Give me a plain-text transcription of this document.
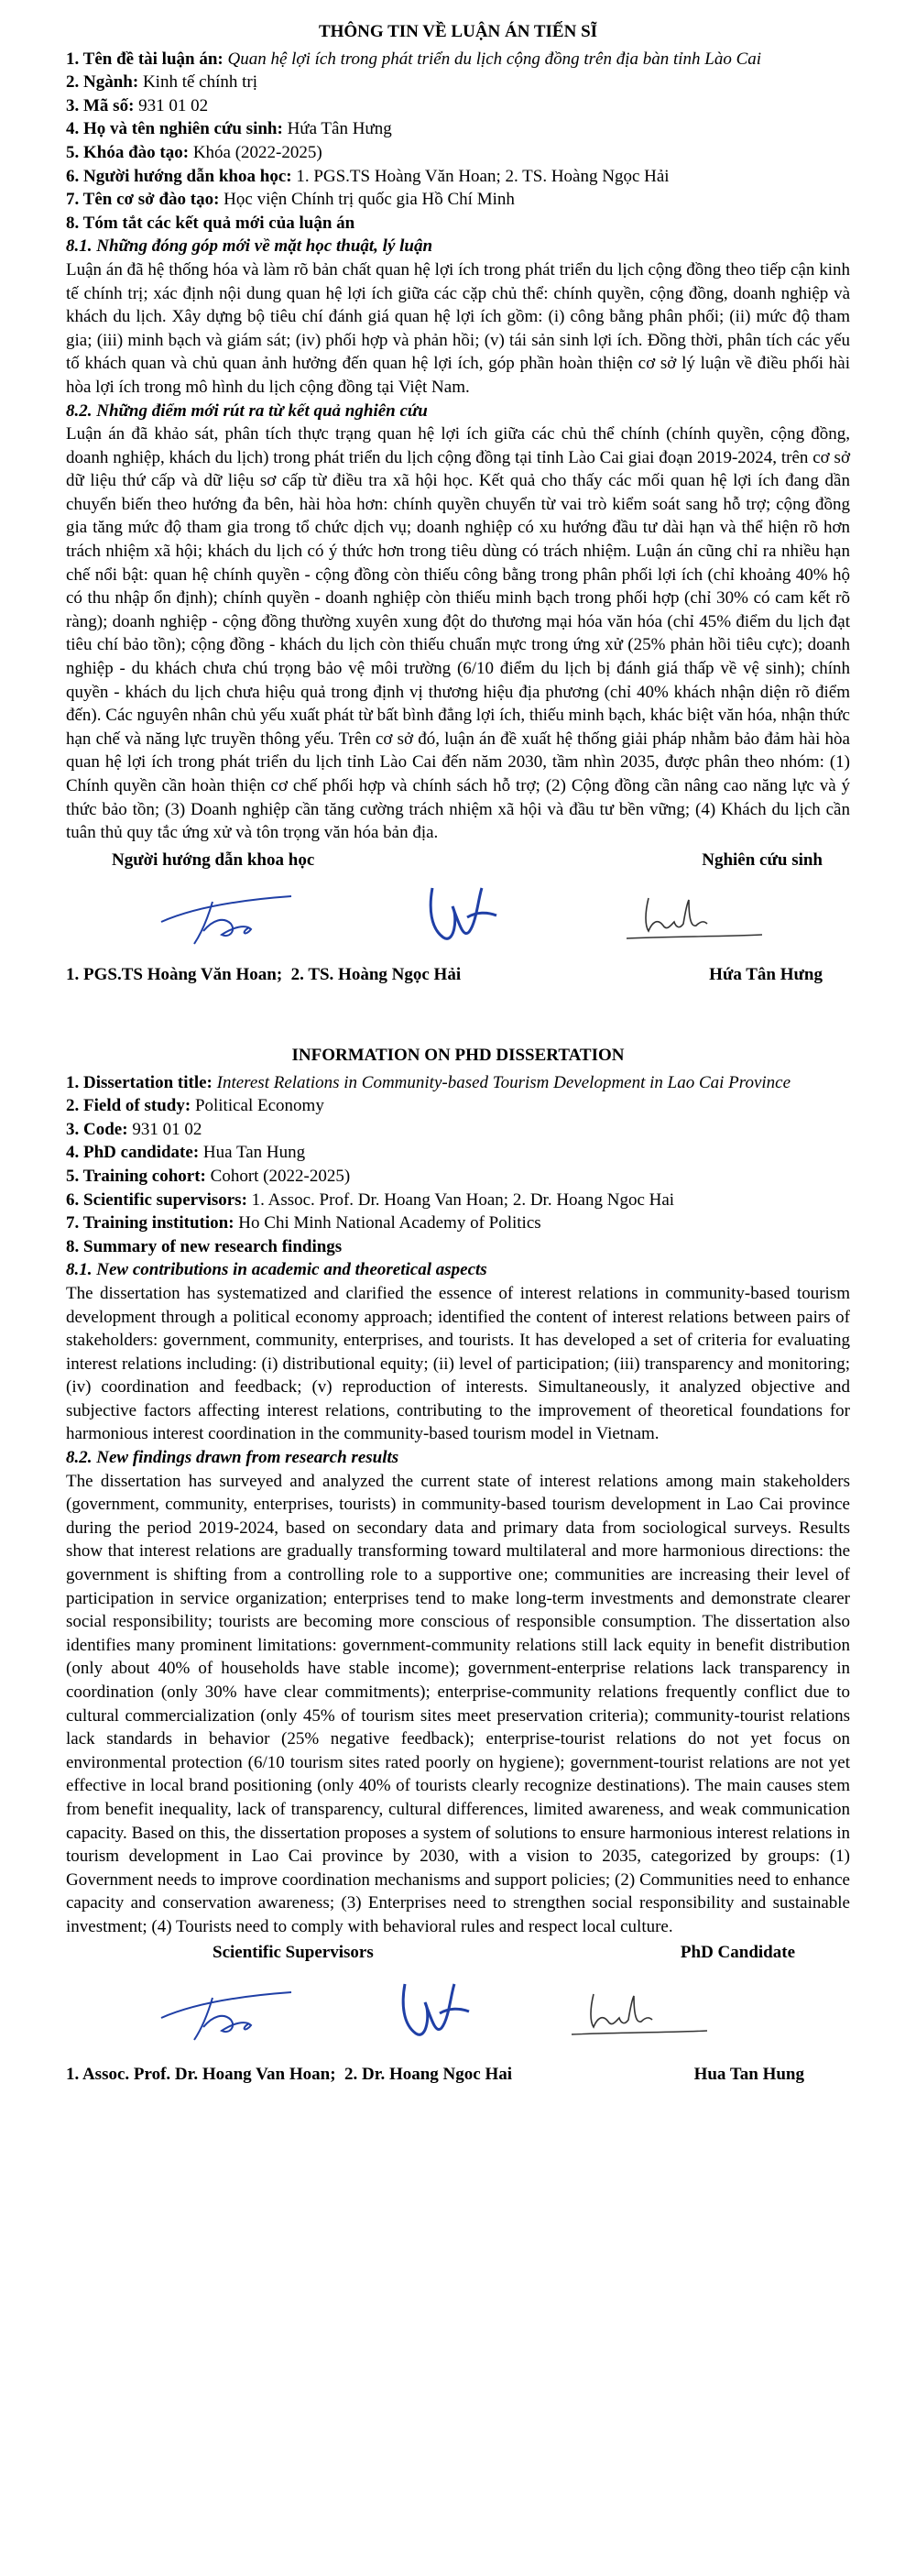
THÔNG TIN VỀ LUẬN ÁN TIẾN SĨ
1. Tên đề tài luận án: Quan hệ lợi ích trong phát triển du lịch cộng đồng trên địa bàn tỉnh Lào Cai
2. Ngành: Kinh tế chính trị
3. Mã số: 931 01 02
4. Họ và tên nghiên cứu sinh: Hứa Tân Hưng
5. Khóa đào tạo: Khóa (2022-2025)
6. Người hướng dẫn khoa học: 1. PGS.TS Hoàng Văn Hoan; 2. TS. Hoàng Ngọc Hải
7. Tên cơ sở đào tạo: Học viện Chính trị quốc gia Hồ Chí Minh
8. Tóm tắt các kết quả mới của luận án
8.1. Những đóng góp mới về mặt học thuật, lý luận
Luận án đã hệ thống hóa và làm rõ bản chất quan hệ lợi ích trong phát triển du lịch cộng đồng theo tiếp cận kinh tế chính trị; xác định nội dung quan hệ lợi ích giữa các cặp chủ thể: chính quyền, cộng đồng, doanh nghiệp và khách du lịch. Xây dựng bộ tiêu chí đánh giá quan hệ lợi ích gồm: (i) công bằng phân phối; (ii) mức độ tham gia; (iii) minh bạch và giám sát; (iv) phối hợp và phản hồi; (v) tái sản sinh lợi ích. Đồng thời, phân tích các yếu tố khách quan và chủ quan ảnh hưởng đến quan hệ lợi ích, góp phần hoàn thiện cơ sở lý luận về điều phối hài hòa lợi ích trong mô hình du lịch cộng đồng tại Việt Nam.
8.2. Những điểm mới rút ra từ kết quả nghiên cứu
Luận án đã khảo sát, phân tích thực trạng quan hệ lợi ích giữa các chủ thể chính (chính quyền, cộng đồng, doanh nghiệp, khách du lịch) trong phát triển du lịch cộng đồng tại tỉnh Lào Cai giai đoạn 2019-2024, trên cơ sở dữ liệu thứ cấp và dữ liệu sơ cấp từ điều tra xã hội học. Kết quả cho thấy các mối quan hệ lợi ích đang dần chuyển biến theo hướng đa bên, hài hòa hơn: chính quyền chuyển từ vai trò kiểm soát sang hỗ trợ; cộng đồng gia tăng mức độ tham gia trong tổ chức dịch vụ; doanh nghiệp có xu hướng đầu tư dài hạn và thể hiện rõ hơn trách nhiệm xã hội; khách du lịch có ý thức hơn trong tiêu dùng có trách nhiệm. Luận án cũng chỉ ra nhiều hạn chế nổi bật: quan hệ chính quyền - cộng đồng còn thiếu công bằng trong phân phối lợi ích (chỉ khoảng 40% hộ có thu nhập ổn định); chính quyền - doanh nghiệp còn thiếu minh bạch trong phối hợp (chỉ 30% có cam kết rõ ràng); doanh nghiệp - cộng đồng thường xuyên xung đột do thương mại hóa văn hóa (chỉ 45% điểm du lịch đạt tiêu chí bảo tồn); cộng đồng - khách du lịch còn thiếu chuẩn mực trong ứng xử (25% phản hồi tiêu cực); doanh nghiệp - du khách chưa chú trọng bảo vệ môi trường (6/10 điểm du lịch bị đánh giá thấp về vệ sinh); chính quyền - khách du lịch chưa hiệu quả trong định vị thương hiệu địa phương (chỉ 40% khách nhận diện rõ điểm đến). Các nguyên nhân chủ yếu xuất phát từ bất bình đẳng lợi ích, thiếu minh bạch, khác biệt văn hóa, nhận thức hạn chế và năng lực truyền thông yếu. Trên cơ sở đó, luận án đề xuất hệ thống giải pháp nhằm bảo đảm hài hòa quan hệ lợi ích trong phát triển du lịch tỉnh Lào Cai đến năm 2030, tầm nhìn 2035, được phân theo nhóm: (1) Chính quyền cần hoàn thiện cơ chế phối hợp và chính sách hỗ trợ; (2) Cộng đồng cần nâng cao năng lực và ý thức bảo tồn; (3) Doanh nghiệp cần tăng cường trách nhiệm xã hội và đầu tư bền vững; (4) Khách du lịch cần tuân thủ quy tắc ứng xử và tôn trọng văn hóa bản địa.
Người hướng dẫn khoa học	Nghiên cứu sinh
1. PGS.TS Hoàng Văn Hoan; 2. TS. Hoàng Ngọc Hải	Hứa Tân Hưng
INFORMATION ON PHD DISSERTATION
1. Dissertation title: Interest Relations in Community-based Tourism Development in Lao Cai Province
2. Field of study: Political Economy
3. Code: 931 01 02
4. PhD candidate: Hua Tan Hung
5. Training cohort: Cohort (2022-2025)
6. Scientific supervisors: 1. Assoc. Prof. Dr. Hoang Van Hoan; 2. Dr. Hoang Ngoc Hai
7. Training institution: Ho Chi Minh National Academy of Politics
8. Summary of new research findings
8.1. New contributions in academic and theoretical aspects
The dissertation has systematized and clarified the essence of interest relations in community-based tourism development through a political economy approach; identified the content of interest relations between pairs of stakeholders: government, community, enterprises, and tourists. It has developed a set of criteria for evaluating interest relations including: (i) distributional equity; (ii) level of participation; (iii) transparency and monitoring; (iv) coordination and feedback; (v) reproduction of interests. Simultaneously, it analyzed objective and subjective factors affecting interest relations, contributing to the improvement of theoretical foundations for harmonious interest coordination in the community-based tourism model in Vietnam.
8.2. New findings drawn from research results
The dissertation has surveyed and analyzed the current state of interest relations among main stakeholders (government, community, enterprises, tourists) in community-based tourism development in Lao Cai province during the period 2019-2024, based on secondary data and primary data from sociological surveys. Results show that interest relations are gradually transforming toward multilateral and more harmonious directions: the government is shifting from a controlling role to a supportive one; communities are increasing their level of participation in service organization; enterprises tend to make long-term investments and demonstrate clearer social responsibility; tourists are becoming more conscious of responsible consumption. The dissertation also identifies many prominent limitations: government-community relations still lack equity in benefit distribution (only about 40% of households have stable income); government-enterprise relations lack transparency in coordination (only 30% have clear commitments); enterprise-community relations frequently conflict due to cultural commercialization (only 45% of tourism sites meet preservation criteria); community-tourist relations lack standards in behavior (25% negative feedback); enterprise-tourist relations do not yet focus on environmental protection (6/10 tourism sites rated poorly on hygiene); government-tourist relations are not yet effective in local brand positioning (only 40% of tourists clearly recognize destinations). The main causes stem from benefit inequality, lack of transparency, cultural differences, limited awareness, and weak communication capacity. Based on this, the dissertation proposes a system of solutions to ensure harmonious interest relations in tourism development in Lao Cai province by 2030, with a vision to 2035, categorized by groups: (1) Government needs to improve coordination mechanisms and support policies; (2) Communities need to enhance capacity and conservation awareness; (3) Enterprises need to strengthen social responsibility and sustainable investment; (4) Tourists need to comply with behavioral rules and respect local culture.
Scientific Supervisors	PhD Candidate
1. Assoc. Prof. Dr. Hoang Van Hoan; 2. Dr. Hoang Ngoc Hai	Hua Tan Hung
